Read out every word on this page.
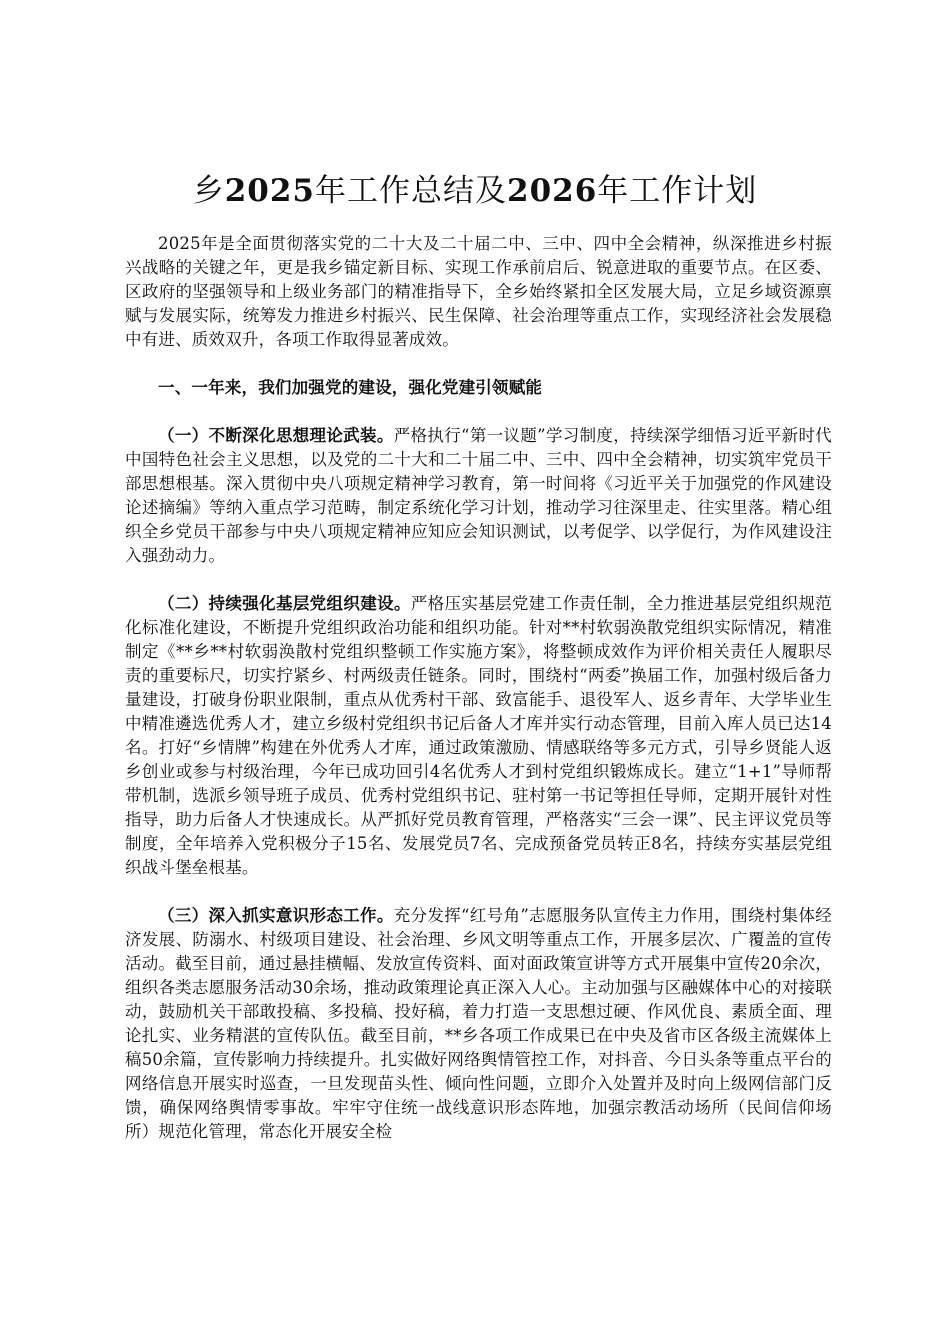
乡2025年工作总结及2026年工作计划

2025年是全面贯彻落实党的二十大及二十届二中、三中、四中全会精神，纵深推进乡村振兴战略的关键之年，更是我乡锚定新目标、实现工作承前启后、锐意进取的重要节点。在区委、区政府的坚强领导和上级业务部门的精准指导下，全乡始终紧扣全区发展大局，立足乡域资源禀赋与发展实际，统筹发力推进乡村振兴、民生保障、社会治理等重点工作，实现经济社会发展稳中有进、质效双升，各项工作取得显著成效。

一、一年来，我们加强党的建设，强化党建引领赋能

（一）不断深化思想理论武装。严格执行“第一议题”学习制度，持续深学细悟习近平新时代中国特色社会主义思想，以及党的二十大和二十届二中、三中、四中全会精神，切实筑牢党员干部思想根基。深入贯彻中央八项规定精神学习教育，第一时间将《习近平关于加强党的作风建设论述摘编》等纳入重点学习范畴，制定系统化学习计划，推动学习往深里走、往实里落。精心组织全乡党员干部参与中央八项规定精神应知应会知识测试，以考促学、以学促行，为作风建设注入强劲动力。

（二）持续强化基层党组织建设。严格压实基层党建工作责任制，全力推进基层党组织规范化标准化建设，不断提升党组织政治功能和组织功能。针对**村软弱涣散党组织实际情况，精准制定《**乡**村软弱涣散村党组织整顿工作实施方案》，将整顿成效作为评价相关责任人履职尽责的重要标尺，切实拧紧乡、村两级责任链条。同时，围绕村“两委”换届工作，加强村级后备力量建设，打破身份职业限制，重点从优秀村干部、致富能手、退役军人、返乡青年、大学毕业生中精准遴选优秀人才，建立乡级村党组织书记后备人才库并实行动态管理，目前入库人员已达14名。打好“乡情牌”构建在外优秀人才库，通过政策激励、情感联络等多元方式，引导乡贤能人返乡创业或参与村级治理，今年已成功回引4名优秀人才到村党组织锻炼成长。建立“1+1”导师帮带机制，选派乡领导班子成员、优秀村党组织书记、驻村第一书记等担任导师，定期开展针对性指导，助力后备人才快速成长。从严抓好党员教育管理，严格落实“三会一课”、民主评议党员等制度，全年培养入党积极分子15名、发展党员7名、完成预备党员转正8名，持续夯实基层党组织战斗堡垒根基。

（三）深入抓实意识形态工作。充分发挥“红号角”志愿服务队宣传主力作用，围绕村集体经济发展、防溺水、村级项目建设、社会治理、乡风文明等重点工作，开展多层次、广覆盖的宣传活动。截至目前，通过悬挂横幅、发放宣传资料、面对面政策宣讲等方式开展集中宣传20余次，组织各类志愿服务活动30余场，推动政策理论真正深入人心。主动加强与区融媒体中心的对接联动，鼓励机关干部敢投稿、多投稿、投好稿，着力打造一支思想过硬、作风优良、素质全面、理论扎实、业务精湛的宣传队伍。截至目前，**乡各项工作成果已在中央及省市区各级主流媒体上稿50余篇，宣传影响力持续提升。扎实做好网络舆情管控工作，对抖音、今日头条等重点平台的网络信息开展实时巡查，一旦发现苗头性、倾向性问题，立即介入处置并及时向上级网信部门反馈，确保网络舆情零事故。牢牢守住统一战线意识形态阵地，加强宗教活动场所（民间信仰场所）规范化管理，常态化开展安全检
